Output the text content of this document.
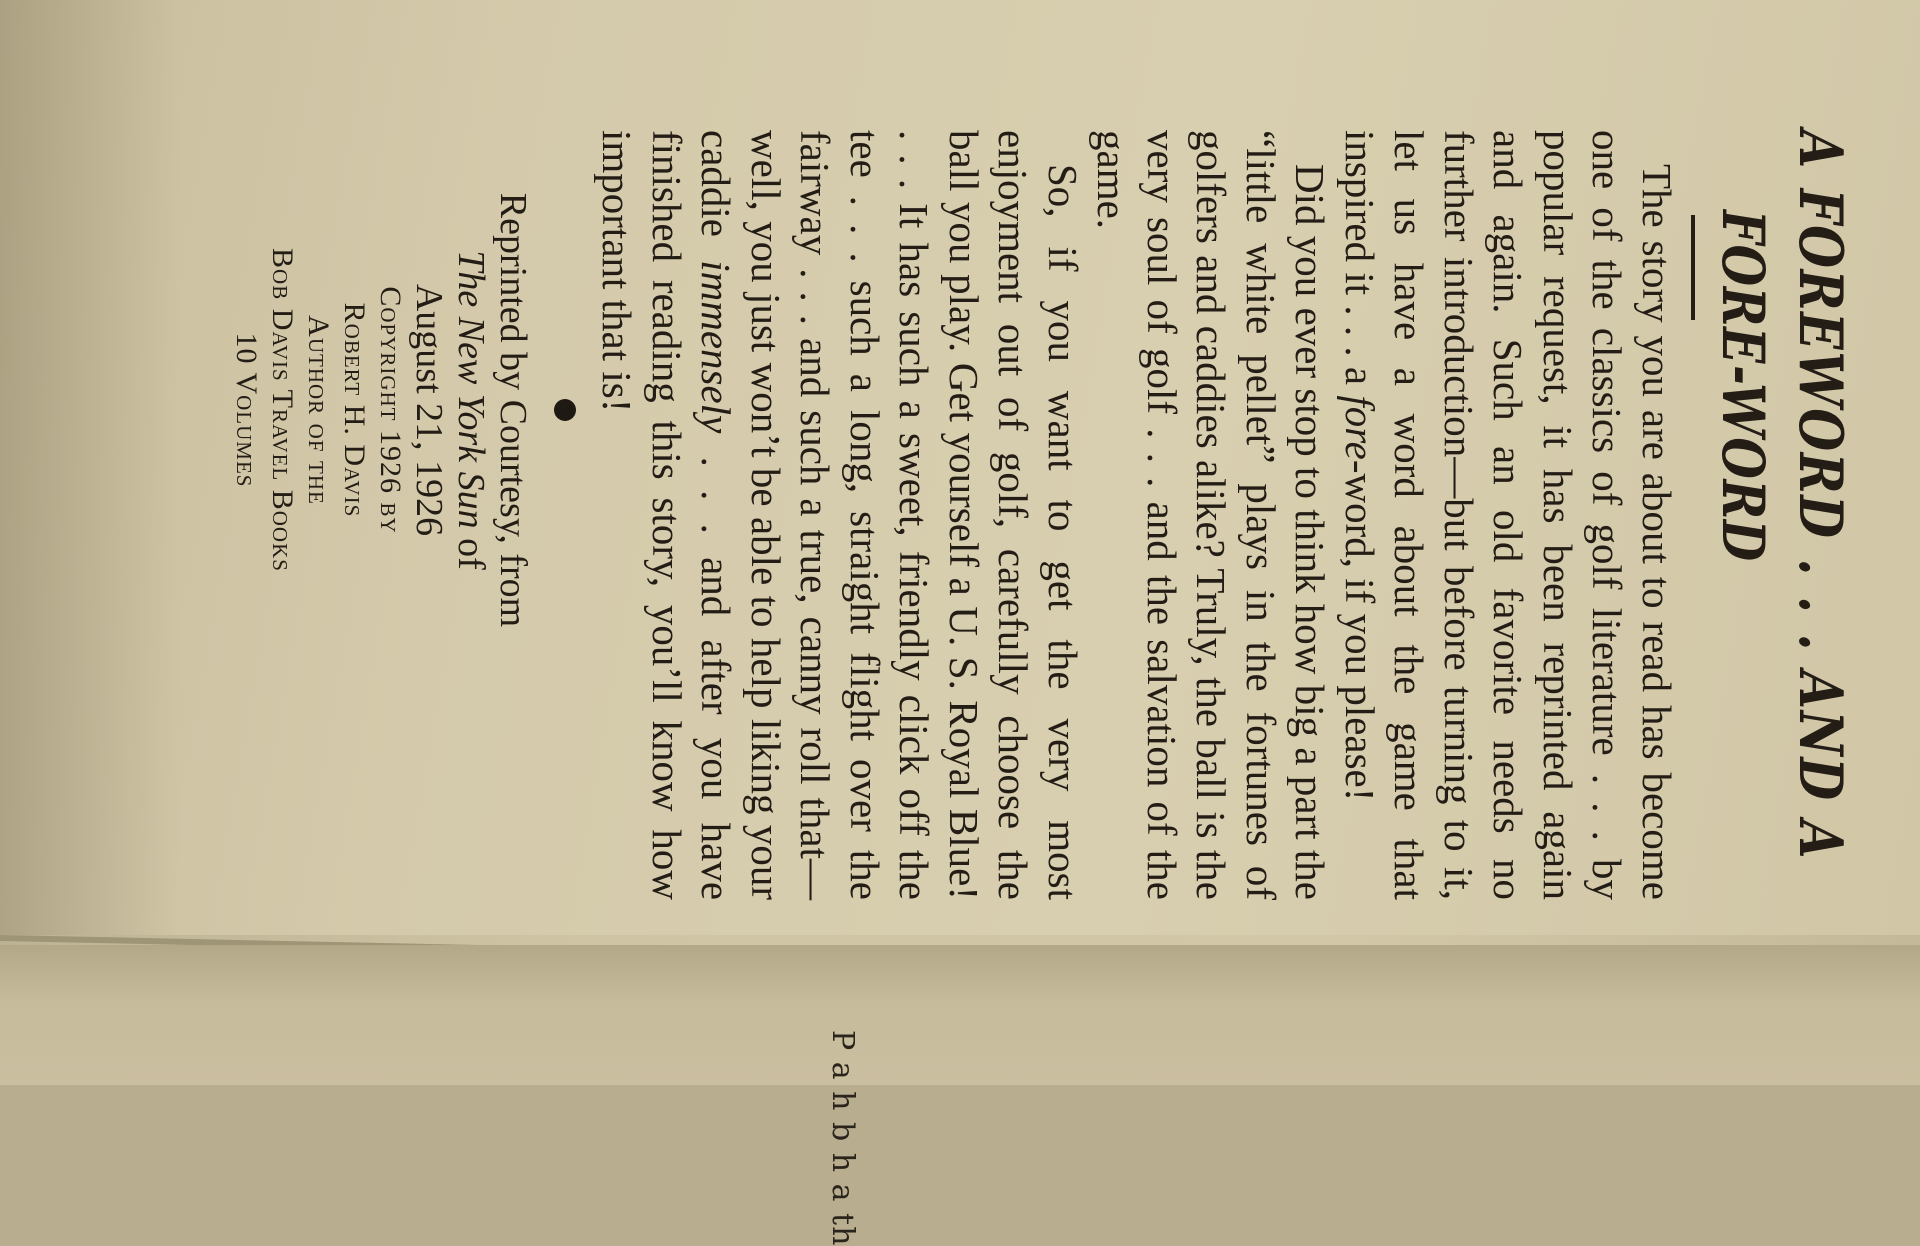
P a h b h a th
A FOREWORD . . . AND A
FORE-WORD

The story you are about to read has become one of the classics of golf literature . . . by popular request, it has been reprinted again and again. Such an old favorite needs no further introduction—but before turning to it, let us have a word about the game that inspired it . . . a fore-word, if you please!

Did you ever stop to think how big a part the “little white pellet” plays in the fortunes of golfers and caddies alike? Truly, the ball is the very soul of golf . . . and the salvation of the game.

So, if you want to get the very most enjoyment out of golf, carefully choose the ball you play. Get yourself a U. S. Royal Blue! . . . It has such a sweet, friendly click off the tee . . . such a long, straight flight over the fairway . . . and such a true, canny roll that—well, you just won’t be able to help liking your caddie immensely . . . and after you have finished reading this story, you’ll know how important that is!

Reprinted by Courtesy, from
The New York Sun of
August 21, 1926
Copyright 1926 by
Robert H. Davis
Author of the
Bob Davis Travel Books
10 Volumes
